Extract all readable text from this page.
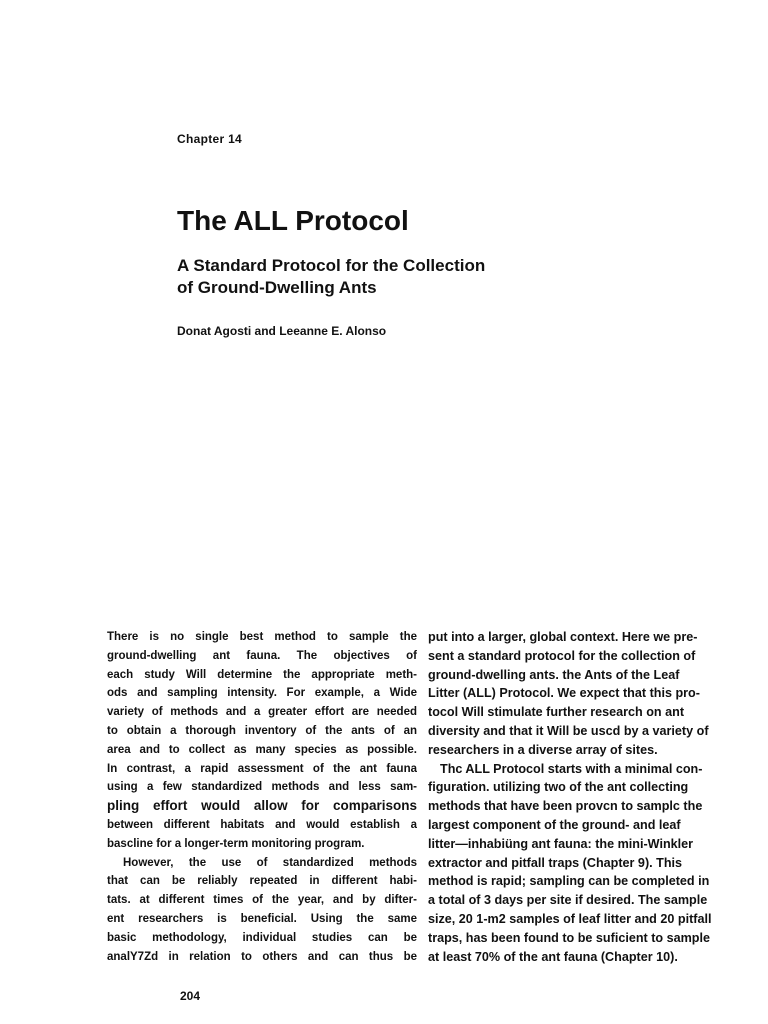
Chapter 14
The ALL Protocol
A Standard Protocol for the Collection
of Ground-Dwelling Ants
Donat Agosti and Leeanne E. Alonso
There is no single best method to sample the
ground-dwelling ant fauna. The objectives of
each study Will determine the appropriate meth-
ods and sampling intensity. For example, a Wide
variety of methods and a greater effort are needed
to obtain a thorough inventory of the ants of an
area and to collect as many species as possible.
In contrast, a rapid assessment of the ant fauna
using a few standardized methods and less sam-
pling effort would allow for comparisons
between different habitats and would establish a
bascline for a longer-term monitoring program.
However, the use of standardized methods
that can be reliably repeated in different habi-
tats. at different times of the year, and by difter-
ent researchers is beneficial. Using the same
basic methodology, individual studies can be
analY7Zd in relation to others and can thus be
put into a larger, global context. Here we pre-
sent a standard protocol for the collection of
ground-dwelling ants. the Ants of the Leaf
Litter (ALL) Protocol. We expect that this pro-
tocol Will stimulate further research on ant
diversity and that it Will be uscd by a variety of
researchers in a diverse array of sites.
Thc ALL Protocol starts with a minimal con-
figuration. utilizing two of the ant collecting
methods that have been provcn to samplc the
largest component of the ground- and leaf
litter—inhabiüng ant fauna: the mini-Winkler
extractor and pitfall traps (Chapter 9). This
method is rapid; sampling can be completed in
a total of 3 days per site if desired. The sample
size, 20 1-m2 samples of leaf litter and 20 pitfall
traps, has been found to be suficient to sample
at least 70% of the ant fauna (Chapter 10).
204
